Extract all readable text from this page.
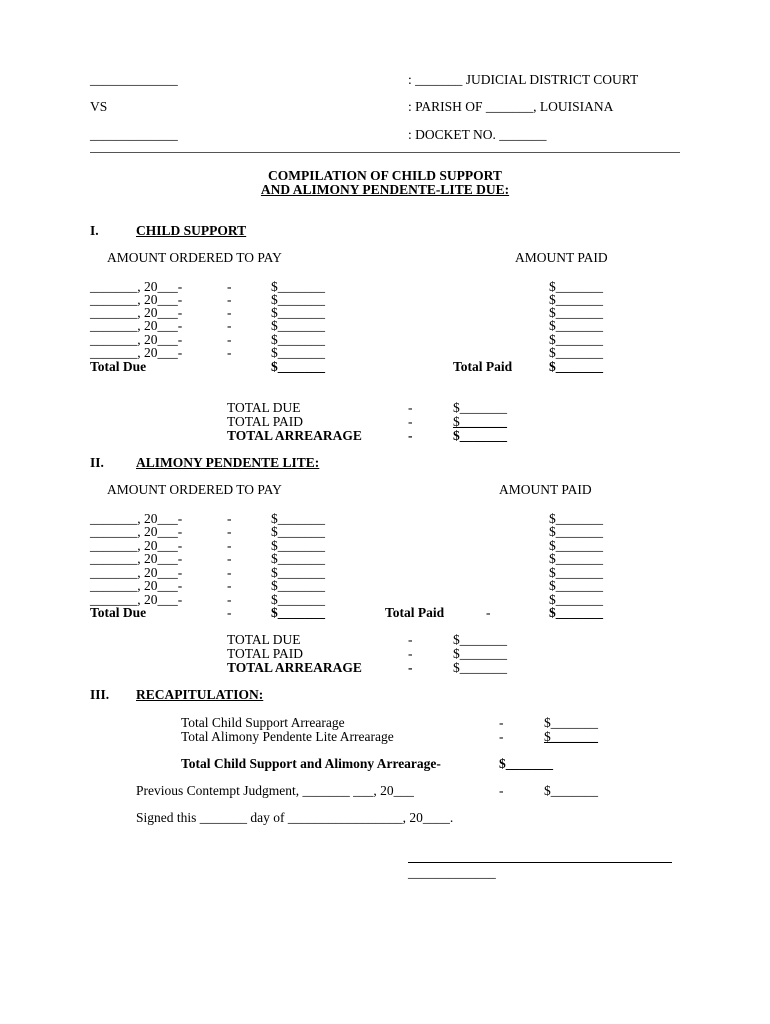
_____________	: _______ JUDICIAL DISTRICT COURT
VS	: PARISH OF _______, LOUISIANA
_____________	: DOCKET NO. _______
COMPILATION OF CHILD SUPPORT
AND ALIMONY PENDENTE-LITE DUE:
I.	CHILD SUPPORT
AMOUNT ORDERED TO PAY	AMOUNT PAID
_______, 20___-	-	$_______	$_______
_______, 20___-	-	$_______	$_______
_______, 20___-	-	$_______	$_______
_______, 20___-	-	$_______	$_______
_______, 20___-	-	$_______	$_______
_______, 20___-	-	$_______	$_______
Total Due	$_______	Total Paid	$_______
TOTAL DUE	-	$_______
TOTAL PAID	-	$_______
TOTAL ARREARAGE	-	$_______
II. ALIMONY PENDENTE LITE:
AMOUNT ORDERED TO PAY	AMOUNT PAID
_______, 20___-	-	$_______	$_______
_______, 20___-	-	$_______	$_______
_______, 20___-	-	$_______	$_______
_______, 20___-	-	$_______	$_______
_______, 20___-	-	$_______	$_______
_______, 20___-	-	$_______	$_______
_______, 20___-	-	$_______	$_______
Total Due	-	$_______	Total Paid	-	$_______
TOTAL DUE	-	$_______
TOTAL PAID	-	$_______
TOTAL ARREARAGE	-	$_______
III. RECAPITULATION:
Total Child Support Arrearage	-	$_______
Total Alimony Pendente Lite Arrearage	-	$_______
Total Child Support and Alimony Arrearage-	$_______
Previous Contempt Judgment, _______ ___, 20___	-	$_______
Signed this _______ day of _________________, 20____.
_____________
